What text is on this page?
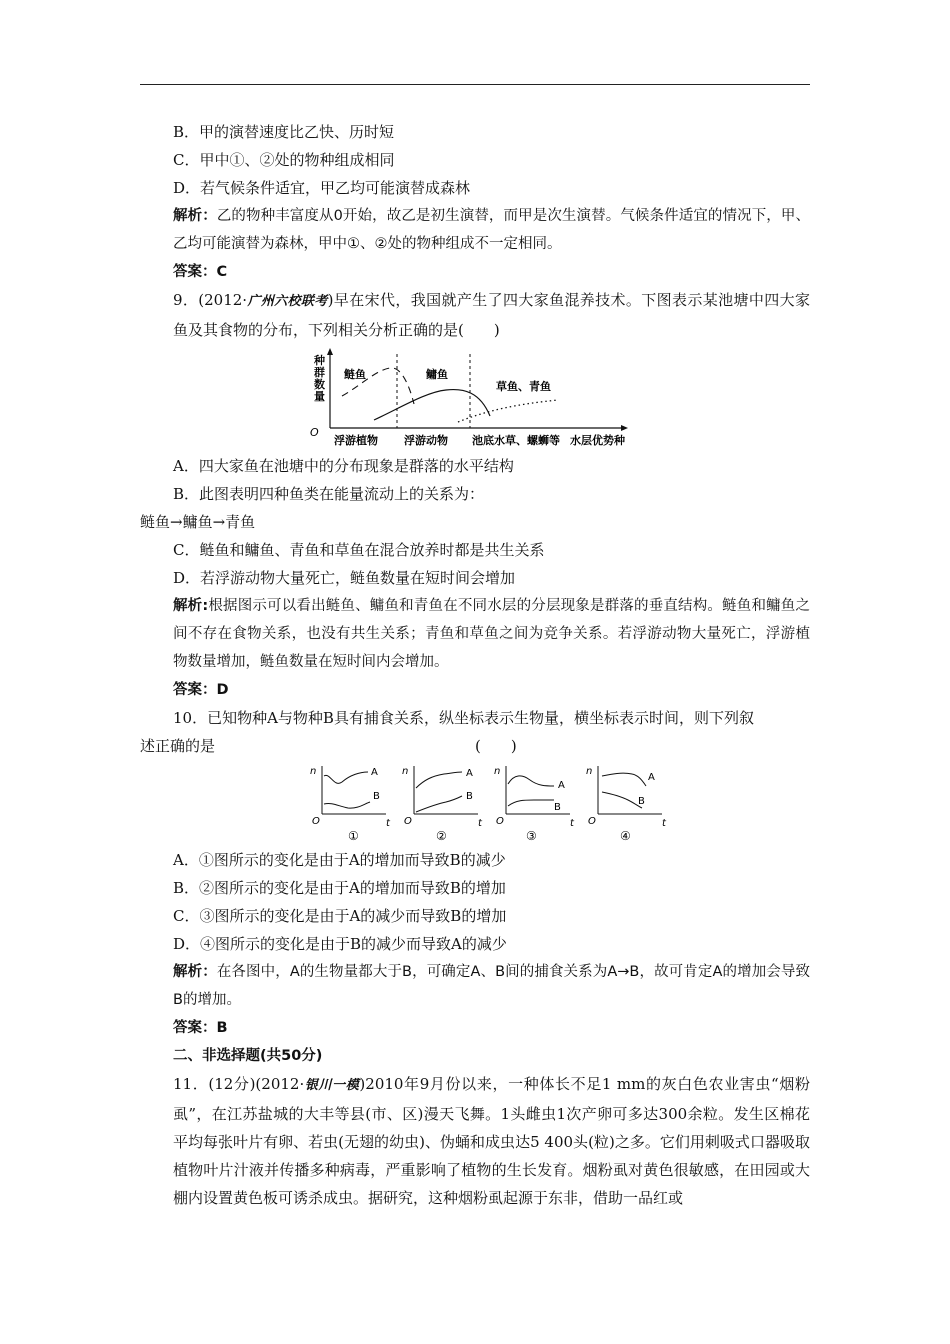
B．甲的演替速度比乙快、历时短
C．甲中①、②处的物种组成相同
D．若气候条件适宜，甲乙均可能演替成森林
解析：乙的物种丰富度从0开始，故乙是初生演替，而甲是次生演替。气候条件适宜的情况下，甲、乙均可能演替为森林，甲中①、②处的物种组成不一定相同。
答案：C
9．(2012·广州六校联考)早在宋代，我国就产生了四大家鱼混养技术。下图表示某池塘中四大家鱼及其食物的分布，下列相关分析正确的是(　　)
种
群
数
量
O
鲢鱼	鳙鱼
草鱼、青鱼
浮游植物 浮游动物 池底水草、螺蛳等 水层优势种
A．四大家鱼在池塘中的分布现象是群落的水平结构
B．此图表明四种鱼类在能量流动上的关系为：
鲢鱼→鳙鱼→青鱼
C．鲢鱼和鳙鱼、青鱼和草鱼在混合放养时都是共生关系
D．若浮游动物大量死亡，鲢鱼数量在短时间会增加
解析:根据图示可以看出鲢鱼、鳙鱼和青鱼在不同水层的分层现象是群落的垂直结构。鲢鱼和鳙鱼之间不存在食物关系，也没有共生关系；青鱼和草鱼之间为竞争关系。若浮游动物大量死亡，浮游植物数量增加，鲢鱼数量在短时间内会增加。
答案：D
10．已知物种A与物种B具有捕食关系，纵坐标表示生物量，横坐标表示时间，则下列叙
述正确的是	(　　)
n
O	t
A
B
①
n
O	t
A
B
②
n
O	t
A
B
③
n
O	t
A
B
④
A．①图所示的变化是由于A的增加而导致B的减少
B．②图所示的变化是由于A的增加而导致B的增加
C．③图所示的变化是由于A的减少而导致B的增加
D．④图所示的变化是由于B的减少而导致A的减少
解析：在各图中，A的生物量都大于B，可确定A、B间的捕食关系为A→B，故可肯定A的增加会导致B的增加。
答案：B
二、非选择题(共50分)
11．(12分)(2012·银川一模)2010年9月份以来，一种体长不足1 mm的灰白色农业害虫“烟粉虱”，在江苏盐城的大丰等县(市、区)漫天飞舞。1头雌虫1次产卵可多达300余粒。发生区棉花平均每张叶片有卵、若虫(无翅的幼虫)、伪蛹和成虫达5 400头(粒)之多。它们用刺吸式口器吸取植物叶片汁液并传播多种病毒，严重影响了植物的生长发育。烟粉虱对黄色很敏感，在田园或大棚内设置黄色板可诱杀成虫。据研究，这种烟粉虱起源于东非，借助一品红或
